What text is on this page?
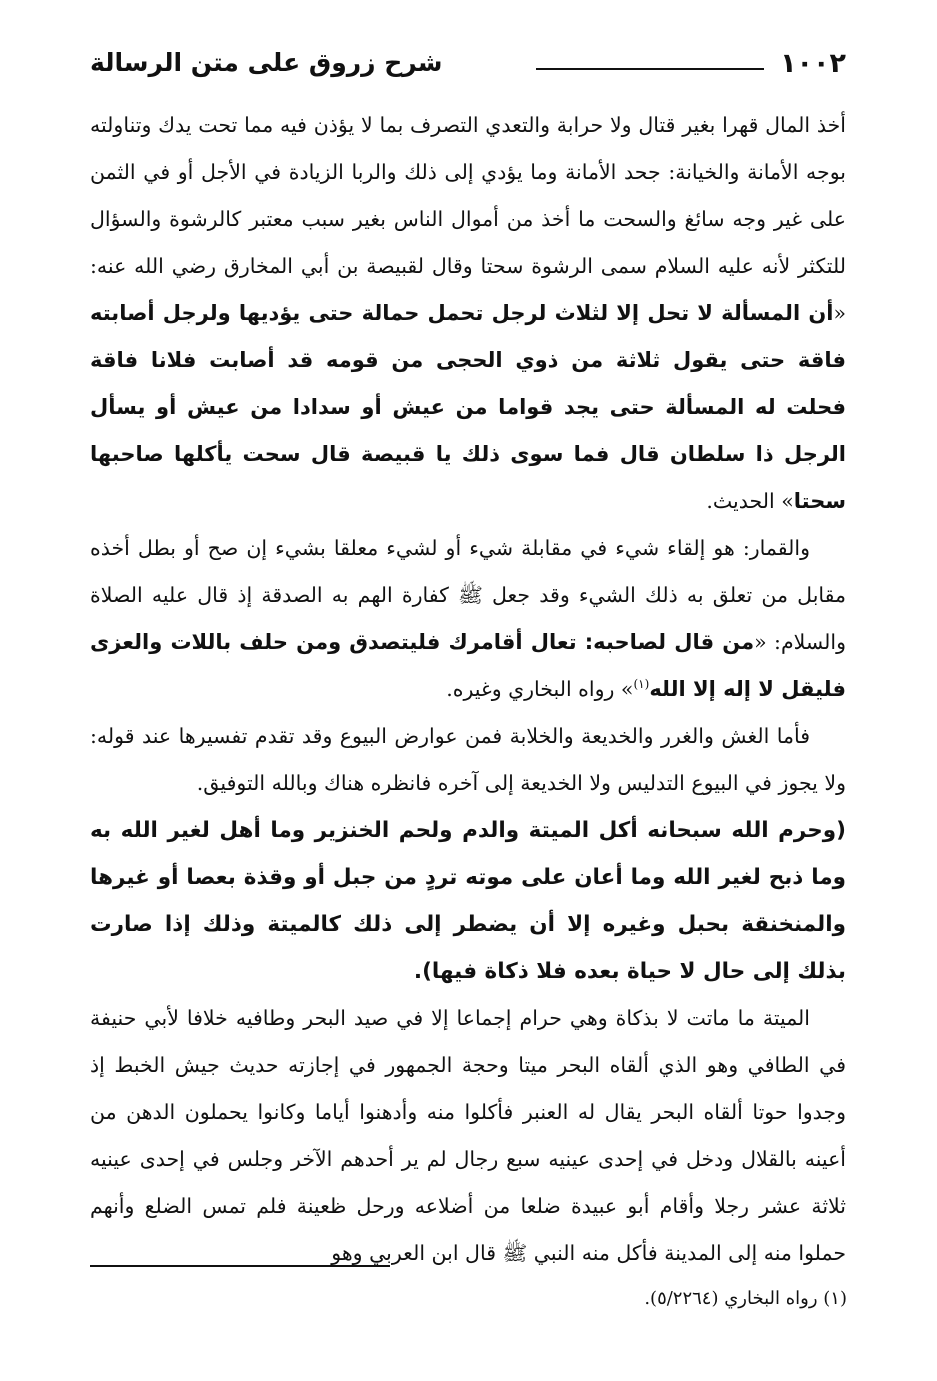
١٠٠٢
شرح زروق على متن الرسالة

أخذ المال قهرا بغير قتال ولا حرابة والتعدي التصرف بما لا يؤذن فيه مما تحت يدك وتناولته بوجه الأمانة والخيانة: جحد الأمانة وما يؤدي إلى ذلك والربا الزيادة في الأجل أو في الثمن على غير وجه سائغ والسحت ما أخذ من أموال الناس بغير سبب معتبر كالرشوة والسؤال للتكثر لأنه عليه السلام سمى الرشوة سحتا وقال لقبيصة بن أبي المخارق رضي الله عنه: «أن المسألة لا تحل إلا لثلاث لرجل تحمل حمالة حتى يؤديها ولرجل أصابته فاقة حتى يقول ثلاثة من ذوي الحجى من قومه قد أصابت فلانا فاقة فحلت له المسألة حتى يجد قواما من عيش أو سدادا من عيش أو يسأل الرجل ذا سلطان قال فما سوى ذلك يا قبيصة قال سحت يأكلها صاحبها سحتا» الحديث.

والقمار: هو إلقاء شيء في مقابلة شيء أو لشيء معلقا بشيء إن صح أو بطل أخذه مقابل من تعلق به ذلك الشيء وقد جعل ﷺ كفارة الهم به الصدقة إذ قال عليه الصلاة والسلام: «من قال لصاحبه: تعال أقامرك فليتصدق ومن حلف باللات والعزى فليقل لا إله إلا الله$^{(١)}$» رواه البخاري وغيره.

فأما الغش والغرر والخديعة والخلابة فمن عوارض البيوع وقد تقدم تفسيرها عند قوله: ولا يجوز في البيوع التدليس ولا الخديعة إلى آخره فانظره هناك وبالله التوفيق.

(وحرم الله سبحانه أكل الميتة والدم ولحم الخنزير وما أهل لغير الله به وما ذبح لغير الله وما أعان على موته تردٍ من جبل أو وقذة بعصا أو غيرها والمنخنقة بحبل وغيره إلا أن يضطر إلى ذلك كالميتة وذلك إذا صارت بذلك إلى حال لا حياة بعده فلا ذكاة فيها).

الميتة ما ماتت لا بذكاة وهي حرام إجماعا إلا في صيد البحر وطافيه خلافا لأبي حنيفة في الطافي وهو الذي ألقاه البحر ميتا وحجة الجمهور في إجازته حديث جيش الخبط إذ وجدوا حوتا ألقاه البحر يقال له العنبر فأكلوا منه وأدهنوا أياما وكانوا يحملون الدهن من أعينه بالقلال ودخل في إحدى عينيه سبع رجال لم ير أحدهم الآخر وجلس في إحدى عينيه ثلاثة عشر رجلا وأقام أبو عبيدة ضلعا من أضلاعه ورحل ظعينة فلم تمس الضلع وأنهم حملوا منه إلى المدينة فأكل منه النبي ﷺ قال ابن العربي وهو

(١) رواه البخاري (٥/٢٢٦٤).
